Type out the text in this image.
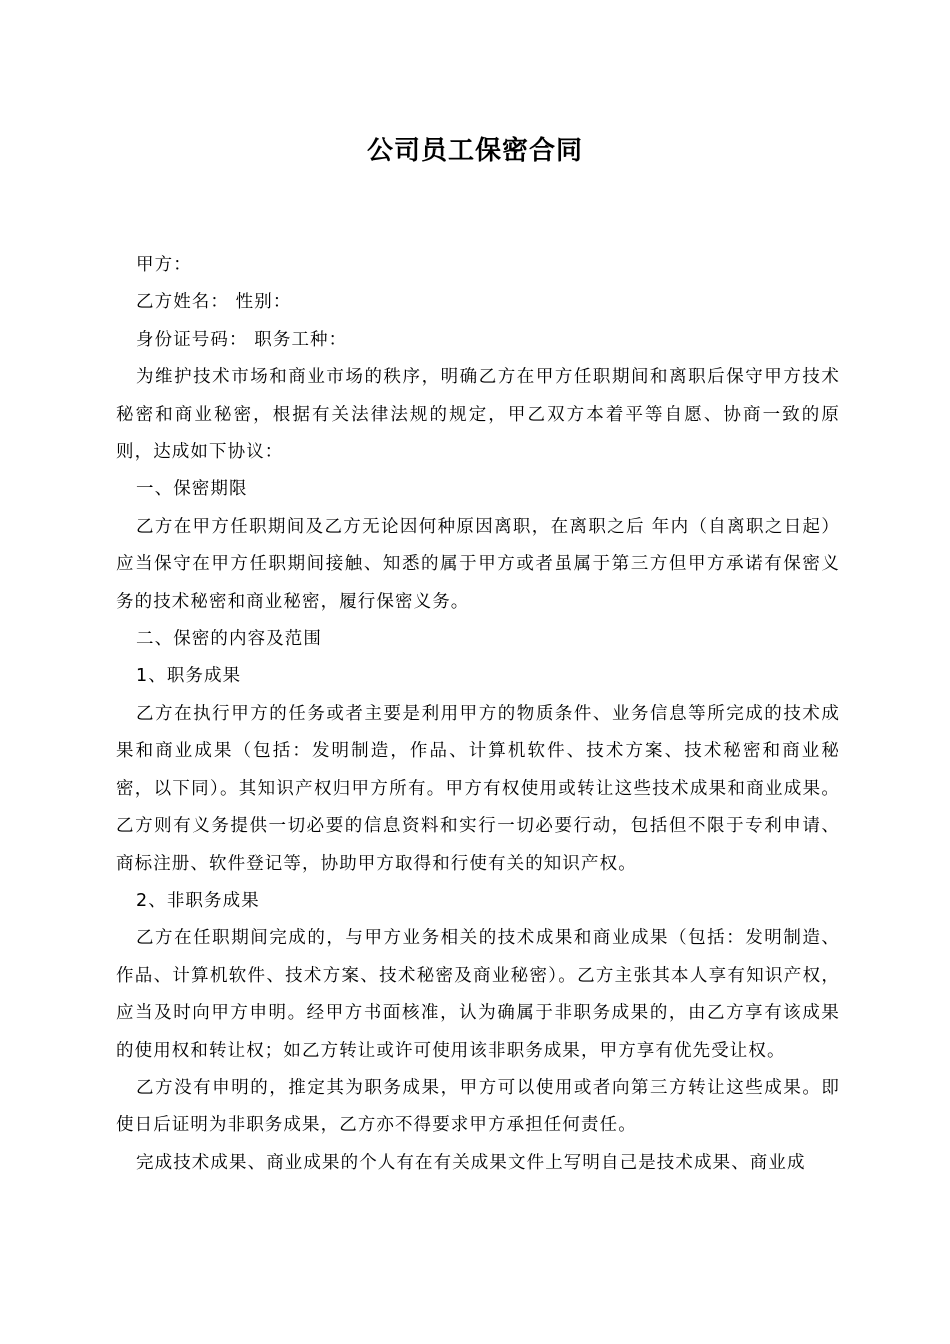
公司员工保密合同

甲方：

乙方姓名： 性别：

身份证号码： 职务工种：

为维护技术市场和商业市场的秩序，明确乙方在甲方任职期间和离职后保守甲方技术秘密和商业秘密，根据有关法律法规的规定，甲乙双方本着平等自愿、协商一致的原则，达成如下协议：

一、保密期限

乙方在甲方任职期间及乙方无论因何种原因离职，在离职之后 年内（自离职之日起）应当保守在甲方任职期间接触、知悉的属于甲方或者虽属于第三方但甲方承诺有保密义务的技术秘密和商业秘密，履行保密义务。

二、保密的内容及范围

1、职务成果

乙方在执行甲方的任务或者主要是利用甲方的物质条件、业务信息等所完成的技术成果和商业成果（包括：发明制造，作品、计算机软件、技术方案、技术秘密和商业秘密，以下同）。其知识产权归甲方所有。甲方有权使用或转让这些技术成果和商业成果。乙方则有义务提供一切必要的信息资料和实行一切必要行动，包括但不限于专利申请、商标注册、软件登记等，协助甲方取得和行使有关的知识产权。

2、非职务成果

乙方在任职期间完成的，与甲方业务相关的技术成果和商业成果（包括：发明制造、作品、计算机软件、技术方案、技术秘密及商业秘密）。乙方主张其本人享有知识产权，应当及时向甲方申明。经甲方书面核准，认为确属于非职务成果的，由乙方享有该成果的使用权和转让权；如乙方转让或许可使用该非职务成果，甲方享有优先受让权。

乙方没有申明的，推定其为职务成果，甲方可以使用或者向第三方转让这些成果。即使日后证明为非职务成果，乙方亦不得要求甲方承担任何责任。

完成技术成果、商业成果的个人有在有关成果文件上写明自己是技术成果、商业成
